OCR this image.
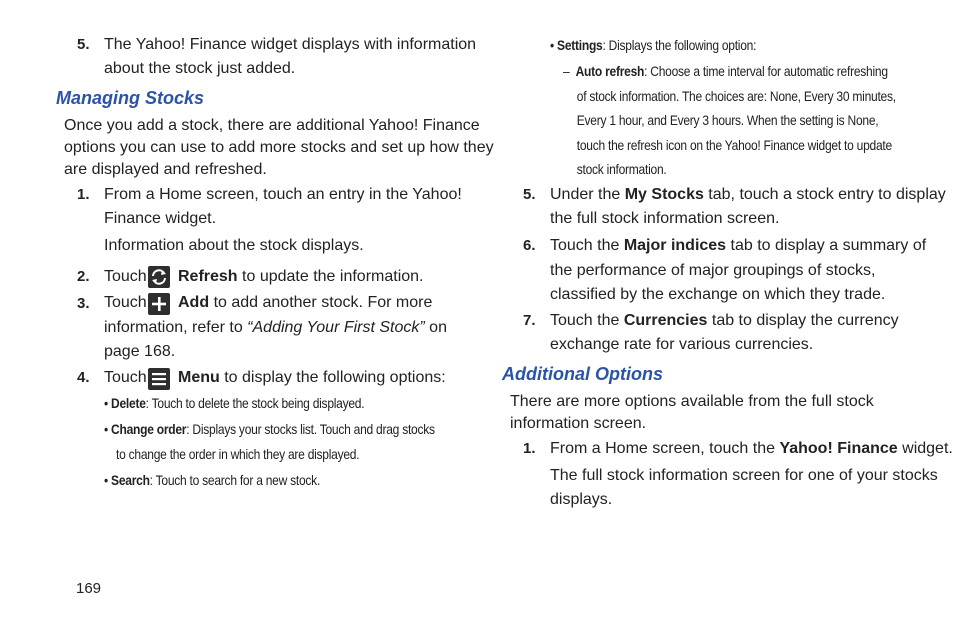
5. The Yahoo! Finance widget displays with information
about the stock just added.
Managing Stocks
Once you add a stock, there are additional Yahoo! Finance
options you can use to add more stocks and set up how they
are displayed and refreshed.
1. From a Home screen, touch an entry in the Yahoo!
Finance widget.
Information about the stock displays.
2. Touch Refresh to update the information.
3. Touch Add to add another stock. For more
information, refer to “Adding Your First Stock” on
page 168.
4. Touch Menu to display the following options:
• Delete: Touch to delete the stock being displayed.
• Change order: Displays your stocks list. Touch and drag stocks
to change the order in which they are displayed.
• Search: Touch to search for a new stock.
169
• Settings: Displays the following option:
–  Auto refresh: Choose a time interval for automatic refreshing
of stock information. The choices are: None, Every 30 minutes,
Every 1 hour, and Every 3 hours. When the setting is None,
touch the refresh icon on the Yahoo! Finance widget to update
stock information.
5. Under the My Stocks tab, touch a stock entry to display
the full stock information screen.
6. Touch the Major indices tab to display a summary of
the performance of major groupings of stocks,
classified by the exchange on which they trade.
7. Touch the Currencies tab to display the currency
exchange rate for various currencies.
Additional Options
There are more options available from the full stock
information screen.
1. From a Home screen, touch the Yahoo! Finance widget.
The full stock information screen for one of your stocks
displays.
